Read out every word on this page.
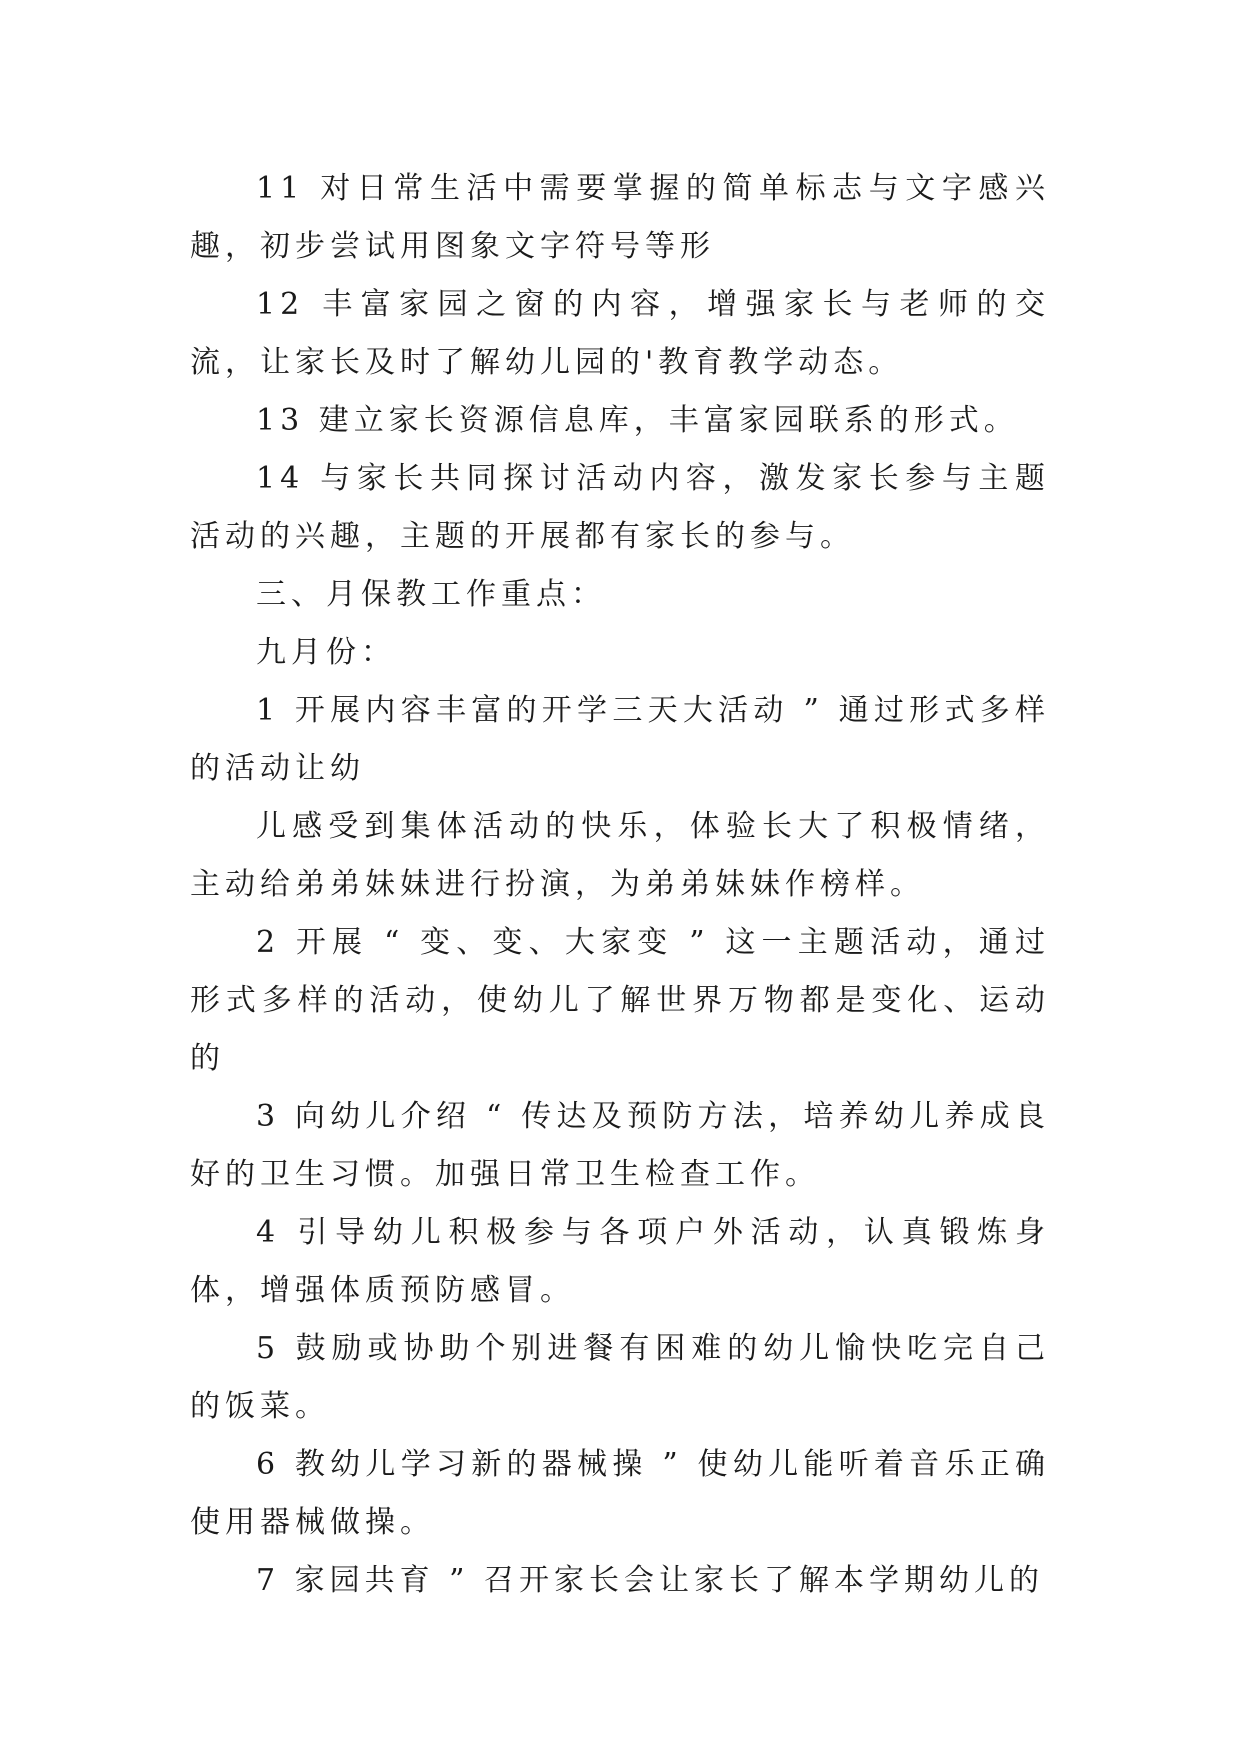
11 对日常生活中需要掌握的简单标志与文字感兴趣，初步尝试用图象文字符号等形

12 丰富家园之窗的内容，增强家长与老师的交流，让家长及时了解幼儿园的'教育教学动态。

13 建立家长资源信息库，丰富家园联系的形式。

14 与家长共同探讨活动内容，激发家长参与主题活动的兴趣，主题的开展都有家长的参与。

三、月保教工作重点：

九月份：

1 开展内容丰富的开学三天大活动 ” 通过形式多样的活动让幼

儿感受到集体活动的快乐，体验长大了积极情绪，主动给弟弟妹妹进行扮演，为弟弟妹妹作榜样。

2 开展 “ 变、变、大家变 ” 这一主题活动，通过形式多样的活动，使幼儿了解世界万物都是变化、运动的

3 向幼儿介绍 “ 传达及预防方法，培养幼儿养成良好的卫生习惯。加强日常卫生检查工作。

4 引导幼儿积极参与各项户外活动，认真锻炼身体，增强体质预防感冒。

5 鼓励或协助个别进餐有困难的幼儿愉快吃完自己的饭菜。

6 教幼儿学习新的器械操 ” 使幼儿能听着音乐正确使用器械做操。

7 家园共育 ” 召开家长会让家长了解本学期幼儿的
